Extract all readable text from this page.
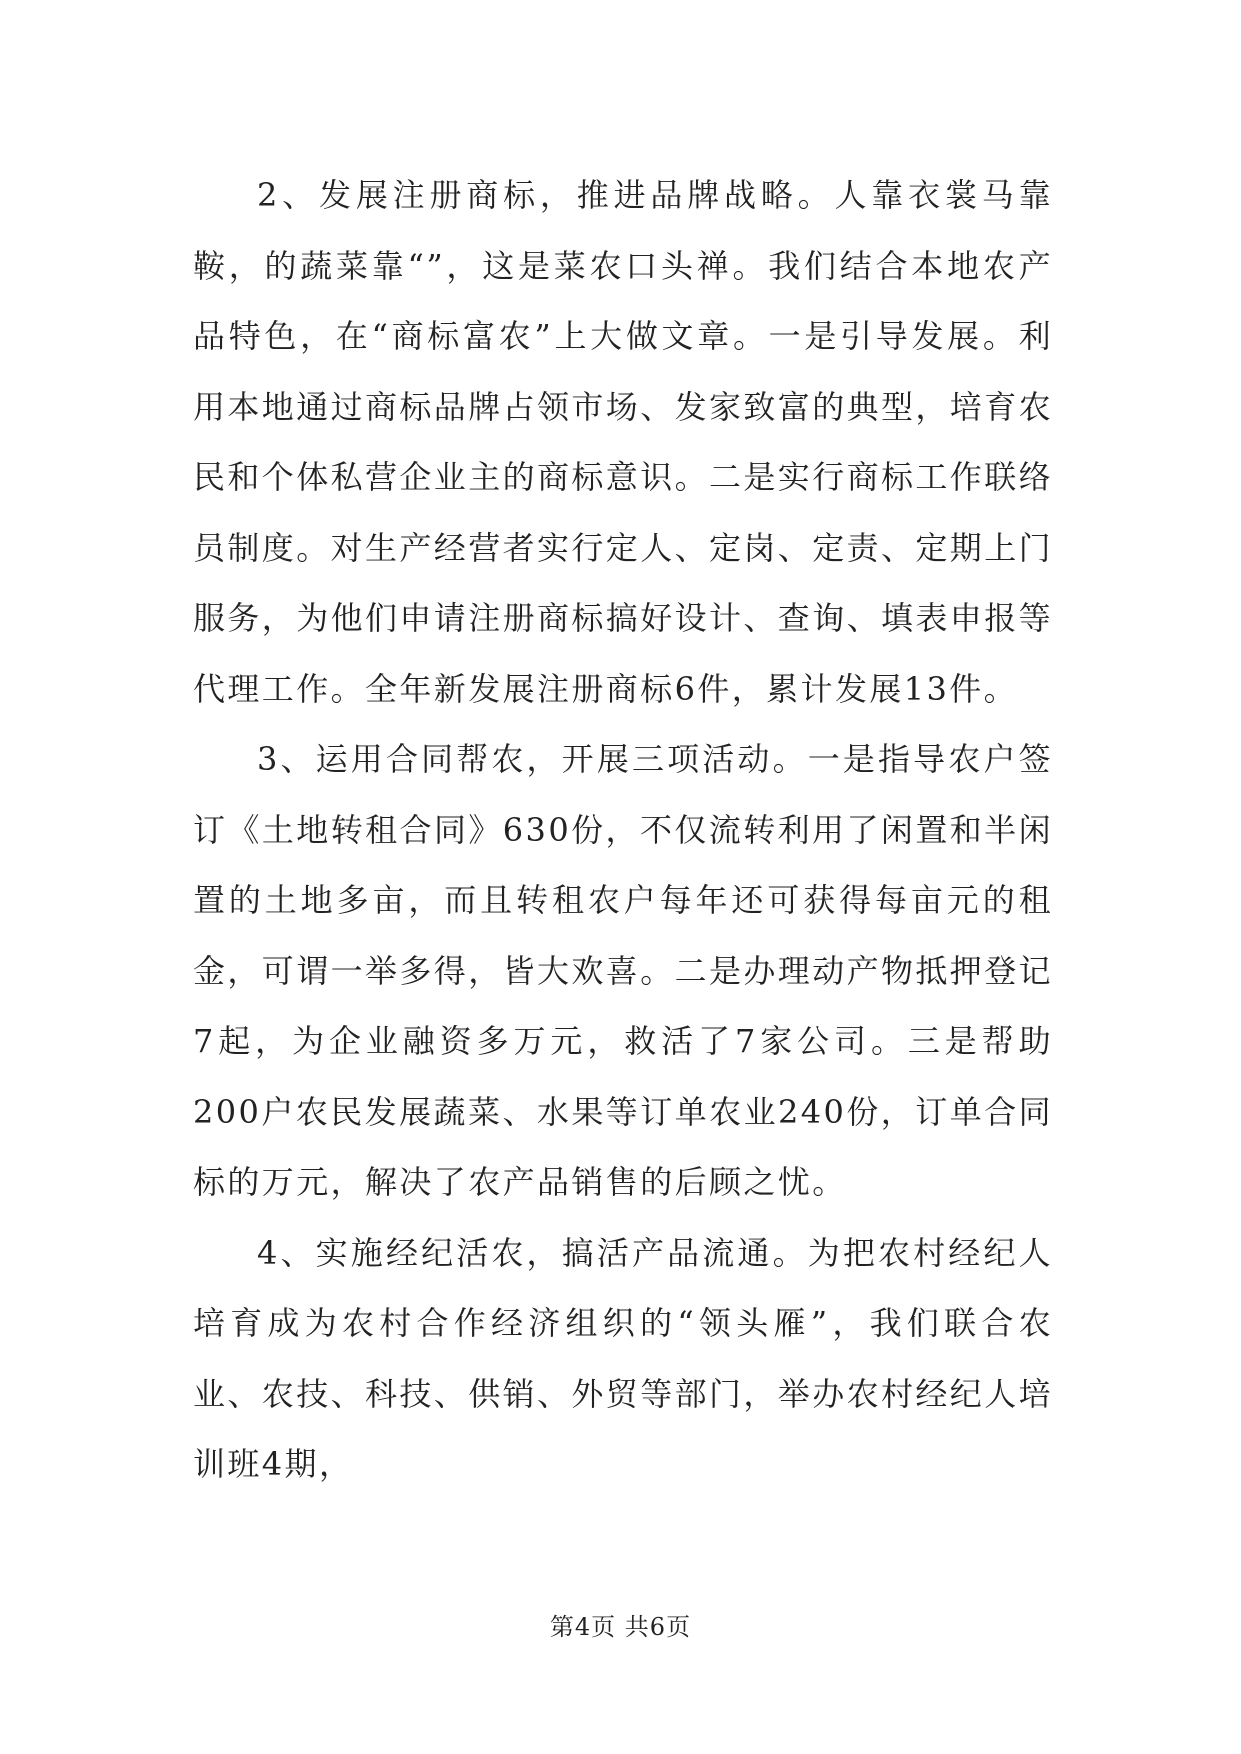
2、发展注册商标，推进品牌战略。人靠衣裳马靠鞍，的蔬菜靠“”，这是菜农口头禅。我们结合本地农产品特色，在“商标富农”上大做文章。一是引导发展。利用本地通过商标品牌占领市场、发家致富的典型，培育农民和个体私营企业主的商标意识。二是实行商标工作联络员制度。对生产经营者实行定人、定岗、定责、定期上门服务，为他们申请注册商标搞好设计、查询、填表申报等代理工作。全年新发展注册商标6件，累计发展13件。

3、运用合同帮农，开展三项活动。一是指导农户签订《土地转租合同》630份，不仅流转利用了闲置和半闲置的土地多亩，而且转租农户每年还可获得每亩元的租金，可谓一举多得，皆大欢喜。二是办理动产物抵押登记7起，为企业融资多万元，救活了7家公司。三是帮助200户农民发展蔬菜、水果等订单农业240份，订单合同标的万元，解决了农产品销售的后顾之忧。

4、实施经纪活农，搞活产品流通。为把农村经纪人培育成为农村合作经济组织的“领头雁”，我们联合农业、农技、科技、供销、外贸等部门，举办农村经纪人培训班4期，

第4页 共6页
